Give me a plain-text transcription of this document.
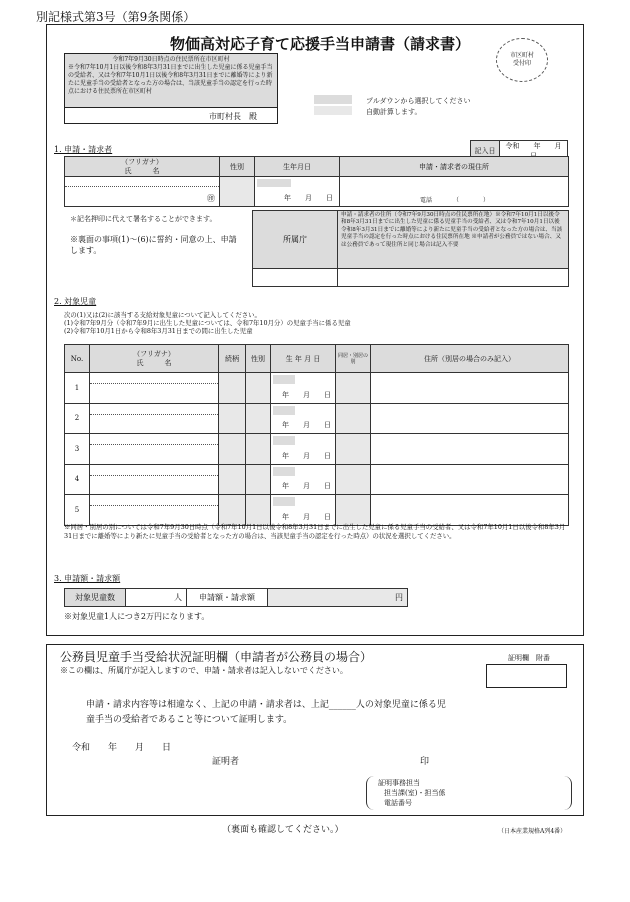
別記様式第3号（第9条関係）
物価高対応子育て応援手当申請書（請求書）
市区町村
受付印
令和7年9月30日時点の住民票所在市区町村
※令和7年10月1日以後令和8年3月31日までに出生した児童に係る児童手当の受給者、又は令和7年10月1日以後令和8年3月31日までに離婚等により新たに児童手当の受給者となった方の場合は、当該児童手当の認定を行った時点における住民票所在市区町村
市町村長　殿
プルダウンから選択してください
自動計算します。
1. 申請・請求者	記入日	令和　　年　　月　　
（フリガナ）
氏　　　名	性別	生年月日	申請・請求者の現住所

㊞		年　　月　　日	電話　　　　（　　　　）
＊記名押印に代えて署名することができます。
※裏面の事項(1)～(6)に誓約・同意の上、申請します。
所属庁	申請・請求者の住所（令和7年9月30日時点の住民票所在地）※令和7年10月1日以後令和8年3月31日までに出生した児童に係る児童手当の受給者、又は令和7年10月1日以後令和8年3月31日までに離婚等により新たに児童手当の受給者となった方の場合は、当該児童手当の認定を行った時点における住民票所在地 ※申請者が公務員ではない場合、又は公務員であって現住所と同じ場合は記入不要

2. 対象児童
次の(1)又は(2)に該当する支給対象児童について記入してください。
(1)令和7年9月分（令和7年9月に出生した児童については、令和7年10月分）の児童手当に係る児童
(2)令和7年10月1日から令和8年3月31日までの間に出生した児童
No.	（フリガナ）
氏　　　名	続柄	性別	生 年 月 日	同居・別居の別	住所（別居の場合のみ記入）
1				年　　月　　日		

2				年　　月　　日		

3				年　　月　　日		

4				年　　月　　日		

5				年　　月　　日		

※同居・別居の別については令和7年9月30日時点（令和7年10月1日以後令和8年3月31日までに出生した児童に係る児童手当の受給者、又は令和7年10月1日以後令和8年3月31日までに離婚等により新たに児童手当の受給者となった方の場合は、当該児童手当の認定を行った時点）の状況を選択してください。
3. 申請額・請求額
対象児童数	人	申請額・請求額	円
※対象児童1人につき2万円になります。
公務員児童手当受給状況証明欄（申請者が公務員の場合）	証明欄　附番
※この欄は、所属庁が記入しますので、申請・請求者は記入しないでください。
申請・請求内容等は相違なく、上記の申請・請求者は、上記______人の対象児童に係る児
童手当の受給者であること等について証明します。
令和　　年　　月　　日
証明者	印
証明事務担当
担当課(室)・担当係
電話番号
（裏面も確認してください。）	（日本産業規格A列4番）
